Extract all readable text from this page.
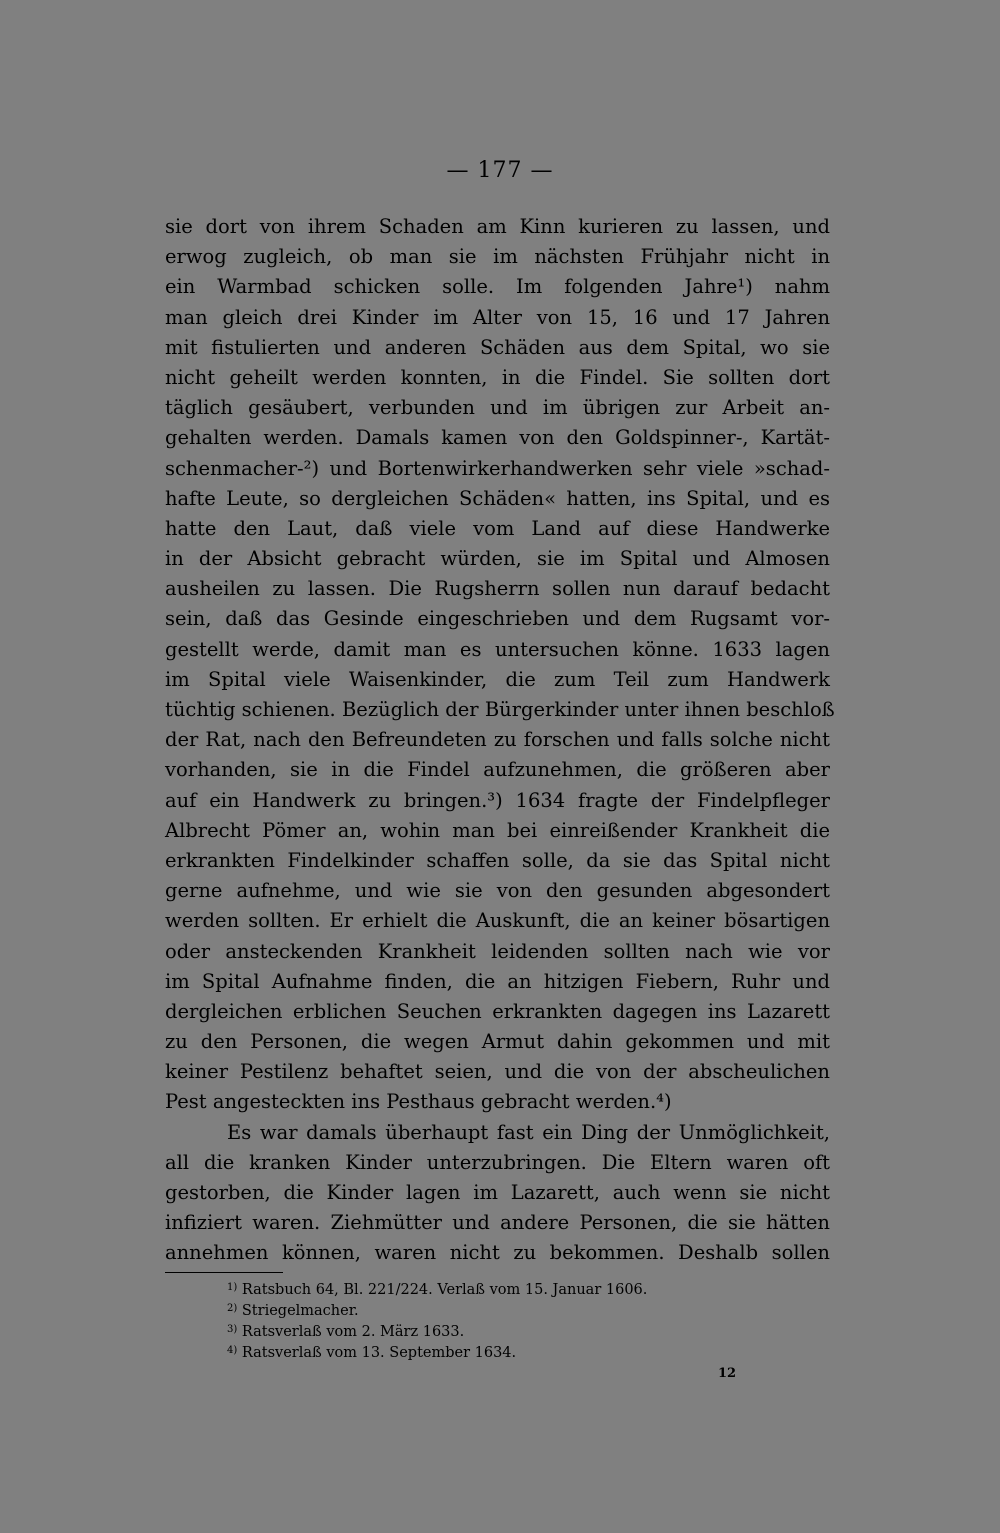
— 177 —
sie dort von ihrem Schaden am Kinn kurieren zu lassen, und
erwog zugleich, ob man sie im nächsten Frühjahr nicht in
ein Warmbad schicken solle. Im folgenden Jahre¹) nahm
man gleich drei Kinder im Alter von 15, 16 und 17 Jahren
mit fistulierten und anderen Schäden aus dem Spital, wo sie
nicht geheilt werden konnten, in die Findel. Sie sollten dort
täglich gesäubert, verbunden und im übrigen zur Arbeit an-
gehalten werden. Damals kamen von den Goldspinner-, Kartät-
schenmacher-²) und Bortenwirkerhandwerken sehr viele »schad-
hafte Leute, so dergleichen Schäden« hatten, ins Spital, und es
hatte den Laut, daß viele vom Land auf diese Handwerke
in der Absicht gebracht würden, sie im Spital und Almosen
ausheilen zu lassen. Die Rugsherrn sollen nun darauf bedacht
sein, daß das Gesinde eingeschrieben und dem Rugsamt vor-
gestellt werde, damit man es untersuchen könne. 1633 lagen
im Spital viele Waisenkinder, die zum Teil zum Handwerk
tüchtig schienen. Bezüglich der Bürgerkinder unter ihnen beschloß
der Rat, nach den Befreundeten zu forschen und falls solche nicht
vorhanden, sie in die Findel aufzunehmen, die größeren aber
auf ein Handwerk zu bringen.³) 1634 fragte der Findelpfleger
Albrecht Pömer an, wohin man bei einreißender Krankheit die
erkrankten Findelkinder schaffen solle, da sie das Spital nicht
gerne aufnehme, und wie sie von den gesunden abgesondert
werden sollten. Er erhielt die Auskunft, die an keiner bösartigen
oder ansteckenden Krankheit leidenden sollten nach wie vor
im Spital Aufnahme finden, die an hitzigen Fiebern, Ruhr und
dergleichen erblichen Seuchen erkrankten dagegen ins Lazarett
zu den Personen, die wegen Armut dahin gekommen und mit
keiner Pestilenz behaftet seien, und die von der abscheulichen
Pest angesteckten ins Pesthaus gebracht werden.⁴)
Es war damals überhaupt fast ein Ding der Unmöglichkeit,
all die kranken Kinder unterzubringen. Die Eltern waren oft
gestorben, die Kinder lagen im Lazarett, auch wenn sie nicht
infiziert waren. Ziehmütter und andere Personen, die sie hätten
annehmen können, waren nicht zu bekommen. Deshalb sollen
$^{1)}$ Ratsbuch 64, Bl. 221/224. Verlaß vom 15. Januar 1606.
$^{2)}$ Striegelmacher.
$^{3)}$ Ratsverlaß vom 2. März 1633.
$^{4)}$ Ratsverlaß vom 13. September 1634.
12
